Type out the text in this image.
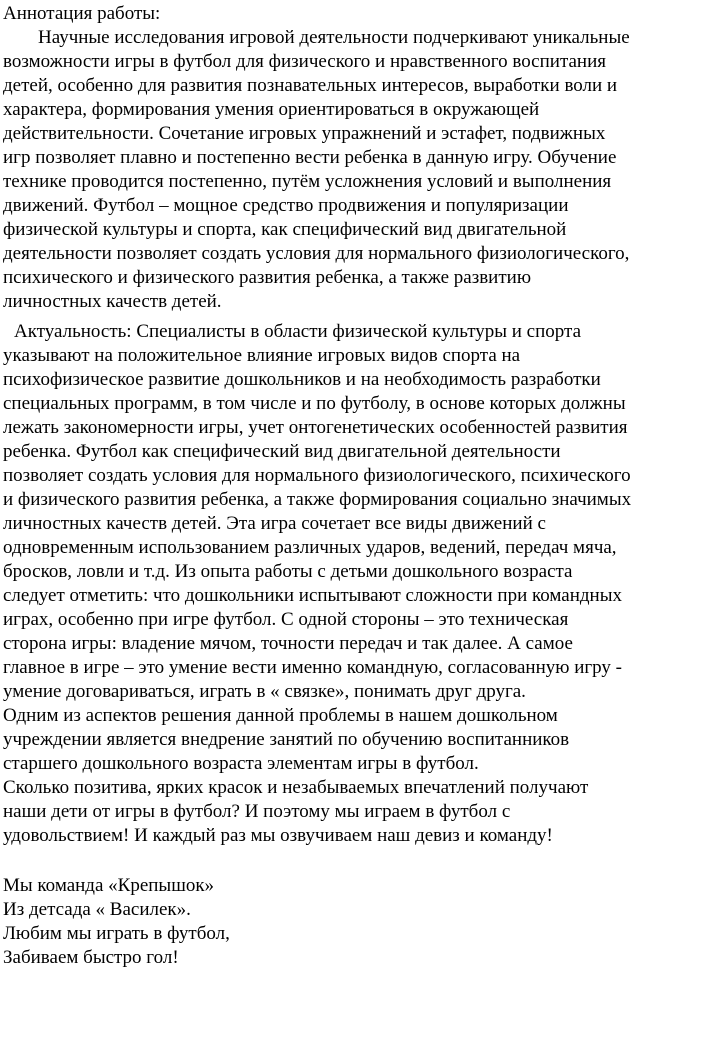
Аннотация работы:
Научные исследования игровой деятельности подчеркивают уникальные
возможности игры в футбол для физического и нравственного воспитания
детей, особенно для развития познавательных интересов, выработки воли и
характера, формирования умения ориентироваться в окружающей
действительности. Сочетание игровых упражнений и эстафет, подвижных
игр позволяет плавно и постепенно вести ребенка в данную игру. Обучение
технике проводится постепенно, путём усложнения условий и выполнения
движений. Футбол – мощное средство продвижения и популяризации
физической культуры и спорта, как специфический вид двигательной
деятельности позволяет создать условия для нормального физиологического,
психического и физического развития ребенка, а также развитию
личностных качеств детей.
Актуальность: Специалисты в области физической культуры и спорта
указывают на положительное влияние игровых видов спорта на
психофизическое развитие дошкольников и на необходимость разработки
специальных программ, в том числе и по футболу, в основе которых должны
лежать закономерности игры, учет онтогенетических особенностей развития
ребенка. Футбол как специфический вид двигательной деятельности
позволяет создать условия для нормального физиологического, психического
и физического развития ребенка, а также формирования социально значимых
личностных качеств детей. Эта игра сочетает все виды движений с
одновременным использованием различных ударов, ведений, передач мяча,
бросков, ловли и т.д. Из опыта работы с детьми дошкольного возраста
следует отметить: что дошкольники испытывают сложности при командных
играх, особенно при игре футбол. С одной стороны – это техническая
сторона игры: владение мячом, точности передач и так далее. А самое
главное в игре – это умение вести именно командную, согласованную игру -
умение договариваться, играть в « связке», понимать друг друга.
Одним из аспектов решения данной проблемы в нашем дошкольном
учреждении является внедрение занятий по обучению воспитанников
старшего дошкольного возраста элементам игры в футбол.
Сколько позитива, ярких красок и незабываемых впечатлений получают
наши дети от игры в футбол? И поэтому мы играем в футбол с
удовольствием! И каждый раз мы озвучиваем наш девиз и команду!
Мы команда «Крепышок»
Из детсада « Василек».
Любим мы играть в футбол,
Забиваем быстро гол!
